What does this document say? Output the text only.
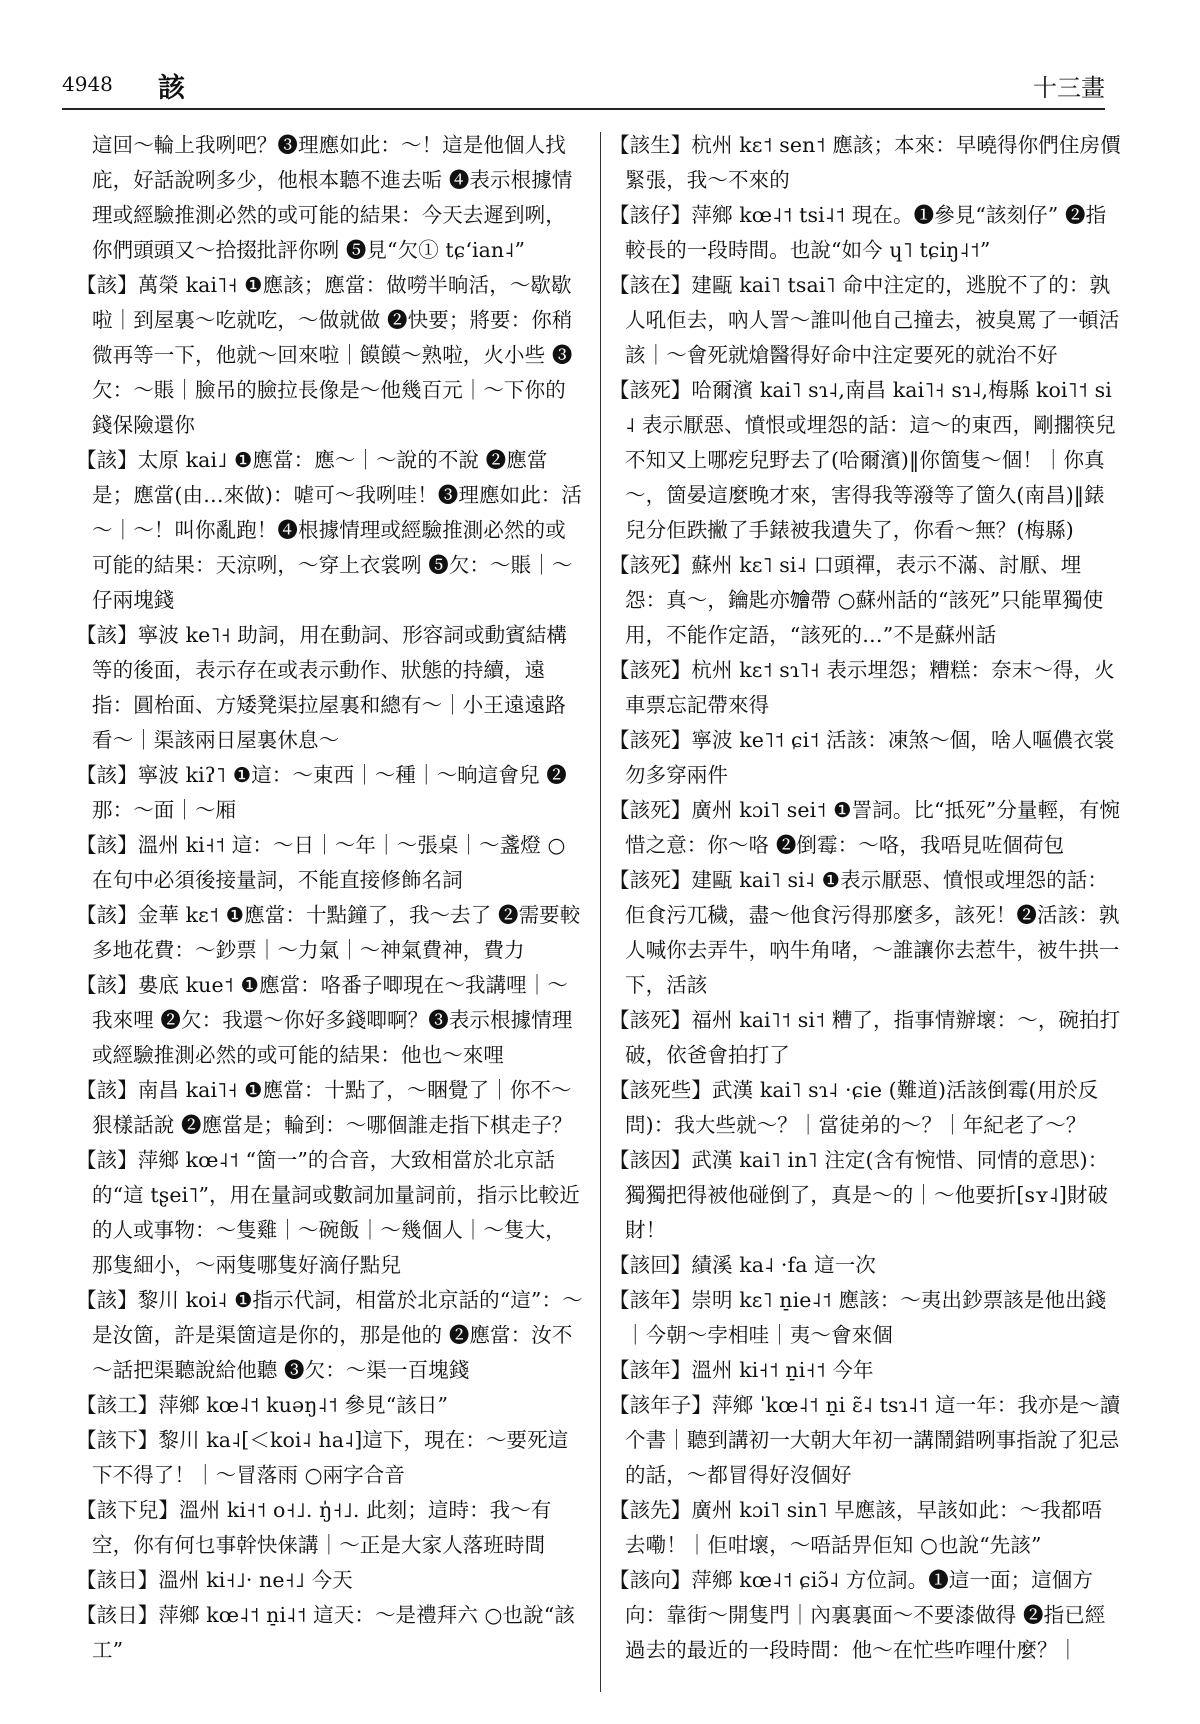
4948 該	十三畫
這回～輪上我咧吧？❸理應如此：～！這是他個人找庇，好話說咧多少，他根本聽不進去㖃 ❹表示根據情理或經驗推測必然的或可能的結果：今天去遲到咧，你們頭頭又～拾掇批評你咧 ❺見“欠① tɕʻian˨”
【該】萬榮 kai˥˧ ❶應該；應當：做嘮半晌活，～歇歇啦｜到屋裏～吃就吃，～做就做 ❷快要；將要：你稍微再等一下，他就～回來啦｜饃饃～熟啦，火小些 ❸欠：～賬｜臉吊的臉拉長像是～他幾百元｜～下你的錢保險還你
【該】太原 kai˩ ❶應當：應～｜～說的不說 ❷應當是；應當(由…來做)：㖸可～我咧哇！❸理應如此：活～｜～！叫你亂跑！❹根據情理或經驗推測必然的或可能的結果：天涼咧，～穿上衣裳咧 ❺欠：～賬｜～仔兩塊錢
【該】寧波 ke˥˧ 助詞，用在動詞、形容詞或動賓結構等的後面，表示存在或表示動作、狀態的持續，遠指：圓枱面、方矮凳渠拉屋裏和總有～｜小王遠遠路看～｜渠該兩日屋裏休息～
【該】寧波 kiʔ˥ ❶這：～東西｜～種｜～晌這會兒 ❷那：～面｜～厢
【該】溫州 ki˧˦ 這：～日｜～年｜～張桌｜～盞燈 ○在句中必須後接量詞，不能直接修飾名詞
【該】金華 kɛ˦ ❶應當：十點鐘了，我～去了 ❷需要較多地花費：～鈔票｜～力氣｜～神氣費神，費力
【該】婁底 kue˦ ❶應當：咯番子唧現在～我講哩｜～我來哩 ❷欠：我還～你好多錢唧啊？❸表示根據情理或經驗推測必然的或可能的結果：他也～來哩
【該】南昌 kai˥˧ ❶應當：十點了，～睏覺了｜你不～狠樣話說 ❷應當是；輪到：～哪個誰走指下棋走子？
【該】萍鄉 kœ˨˦ “箇一”的合音，大致相當於北京話的“這 tʂei˥”，用在量詞或數詞加量詞前，指示比較近的人或事物：～隻雞｜～碗飯｜～幾個人｜～隻大，那隻細小，～兩隻哪隻好滴仔點兒
【該】黎川 koi˨ ❶指示代詞，相當於北京話的“這”：～是汝箇，許是渠箇這是你的，那是他的 ❷應當：汝不～話把渠聽說給他聽 ❸欠：～渠一百塊錢
【該工】萍鄉 kœ˨˦ kuəŋ˨˦ 參見“該日”
【該下】黎川 ka˨[＜koi˨ ha˨]這下，現在：～要死這下不得了！｜～冒落雨 ○兩字合音
【該下兒】溫州 ki˧˦ o˧˩. ŋ̍˧˩. 此刻；這時：我～有空，你有何乜事幹快俫講｜～正是大家人落班時間
【該日】溫州 ki˧˩· ne˧˩ 今天
【該日】萍鄉 kœ˨˦ n̠i˨˦ 這天：～是禮拜六 ○也說“該工”
【該生】杭州 kɛ˦ sen˦ 應該；本來：早曉得你們住房價緊張，我～不來的
【該仔】萍鄉 kœ˨˦ tsi˨˦ 現在。❶參見“該刻仔” ❷指較長的一段時間。也說“如今 ɥ˥ tɕiŋ˨˦”
【該在】建甌 kai˥ tsai˥ 命中注定的，逃脫不了的：孰人吼佢去，吶人詈～誰叫他自己撞去，被臭罵了一頓活該｜～會死就熗醫得好命中注定要死的就治不好
【該死】哈爾濱 kai˥ sɿ˨,南昌 kai˥˧ sɿ˨,梅縣 koi˥˦ si˨ 表示厭惡、憤恨或埋怨的話：這～的東西，剛擱筷兒不知又上哪疙兒野去了(哈爾濱)‖你箇隻～個！｜你真～，箇晏這麼晚才來，害得我等潑等了箇久(南昌)‖錶兒分佢跌撇了手錶被我遺失了，你看～無？(梅縣)
【該死】蘇州 kɛ˥ si˨ 口頭禪，表示不滿、討厭、埋怨：真～，鑰匙亦𣍐帶 ○蘇州話的“該死”只能單獨使用，不能作定語，“該死的…”不是蘇州話
【該死】杭州 kɛ˦ sɿ˥˧ 表示埋怨；糟糕：奈末～得，火車票忘記帶來得
【該死】寧波 ke˥˦ ɕi˦ 活該：凍煞～個，啥人嘔儂衣裳勿多穿兩件
【該死】廣州 kɔi˥ sei˦ ❶詈詞。比“抵死”分量輕，有惋惜之意：你～咯 ❷倒霉：～咯，我唔見咗個荷包
【該死】建甌 kai˥ si˨ ❶表示厭惡、憤恨或埋怨的話：佢食污兀穢，盡～他食污得那麼多，該死！❷活該：孰人喊你去弄牛，吶牛角啫，～誰讓你去惹牛，被牛拱一下，活該
【該死】福州 kai˥˦ si˦ 糟了，指事情辦壞：～，碗拍打破，依爸會拍打了
【該死些】武漢 kai˥ sɿ˨ ·ɕie (難道)活該倒霉(用於反問)：我大些就～？｜當徒弟的～？｜年紀老了～？
【該因】武漢 kai˥ in˥ 注定(含有惋惜、同情的意思)：獨獨把得被他碰倒了，真是～的｜～他要折[sʏ˨]財破財！
【該回】績溪 ka˨ ·fa 這一次
【該年】崇明 kɛ˥ n̠ie˨˦ 應該：～夷出鈔票該是他出錢｜今朝～孛相哇｜夷～會來個
【該年】溫州 ki˧˦ n̠i˧˦ 今年
【該年子】萍鄉 ˈkœ˨˦ n̠i ɛ̃˨ tsɿ˨˦ 這一年：我亦是～讀个書｜聽到講初一大朝大年初一講鬧錯咧事指說了犯忌的話，～都冒得好沒個好
【該先】廣州 kɔi˥ sin˥ 早應該，早該如此：～我都唔去嘞！｜佢咁壞，～唔話畀佢知 ○也說“先該”
【該向】萍鄉 kœ˨˦ ɕiɔ̃˨ 方位詞。❶這一面；這個方向：靠街～開隻門｜內裏裏面～不要漆做得 ❷指已經過去的最近的一段時間：他～在忙些咋哩什麼？｜
